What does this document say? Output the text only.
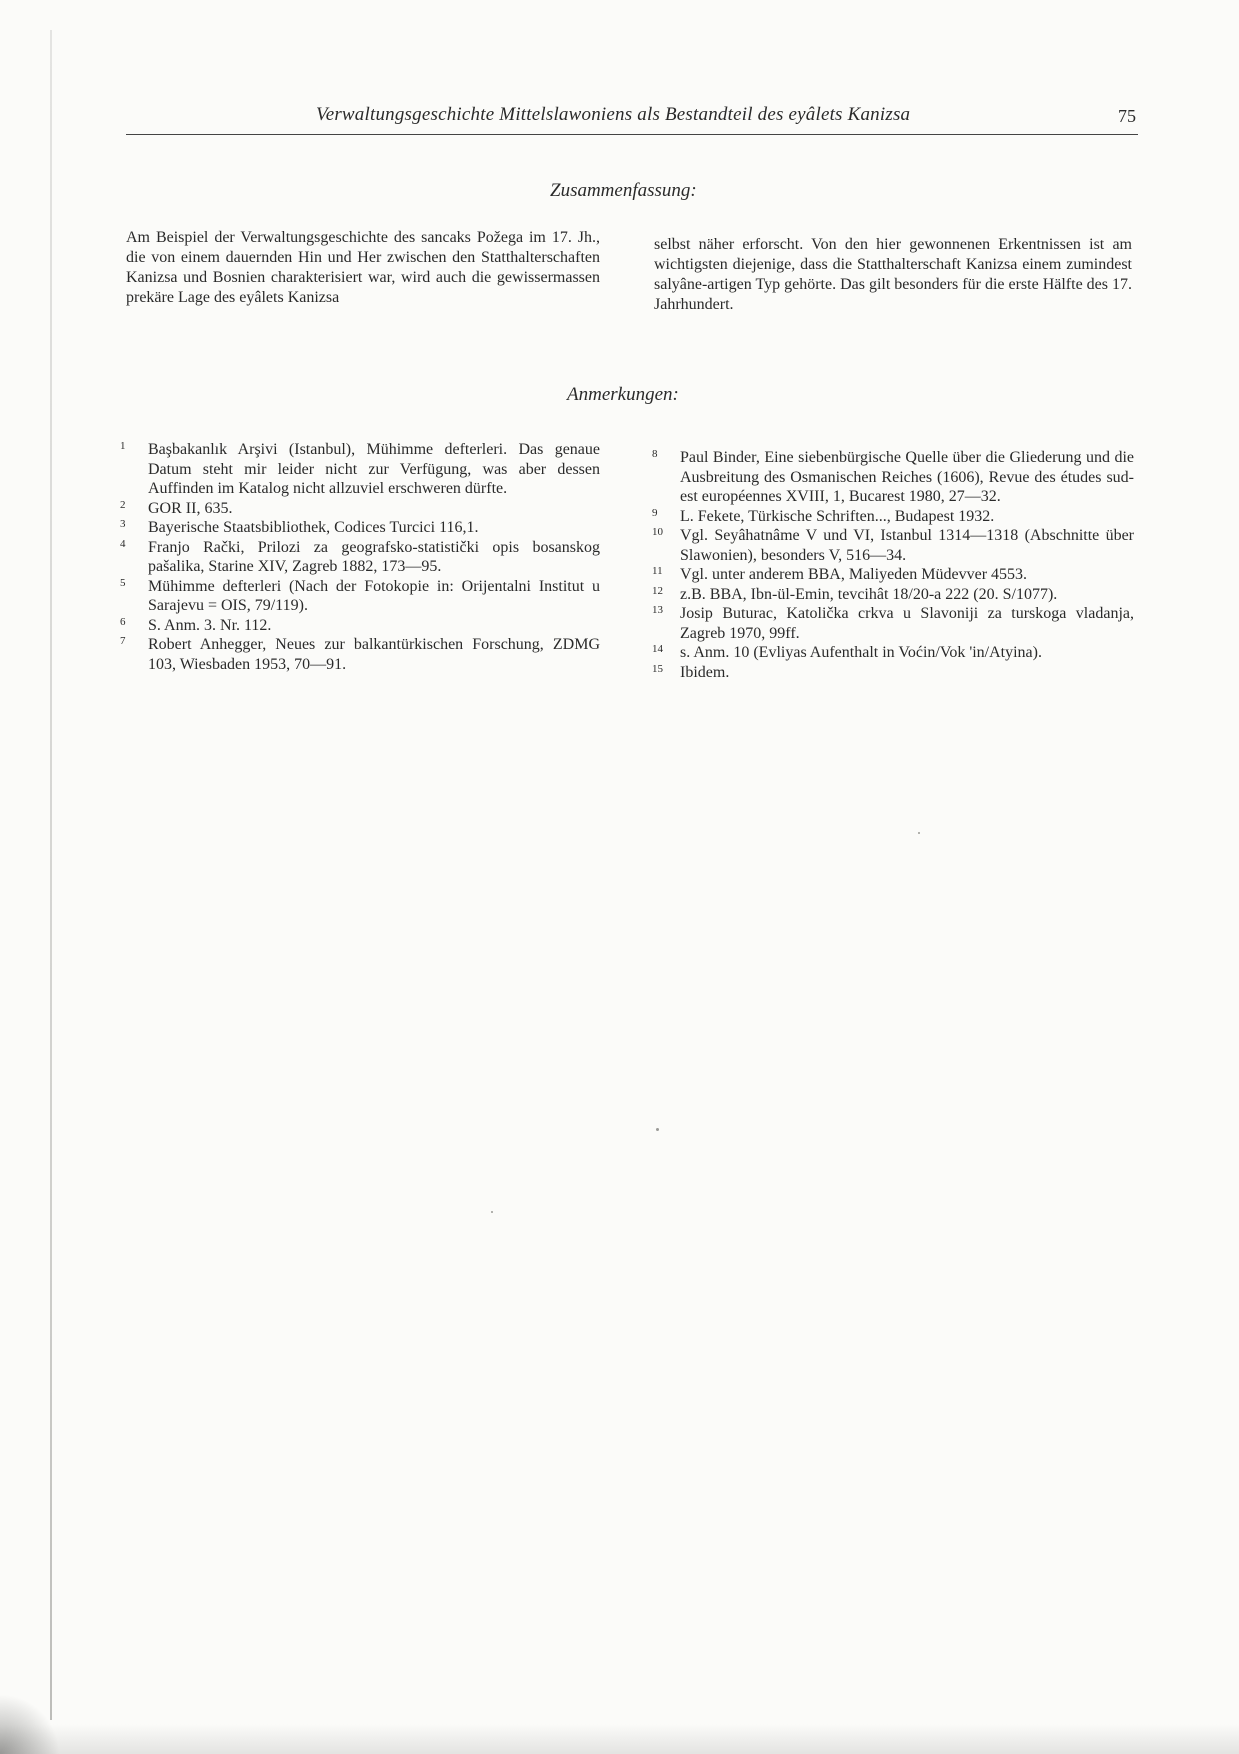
Verwaltungsgeschichte Mittelslawoniens als Bestandteil des eyâlets Kanizsa	75
Zusammenfassung:
Am Beispiel der Verwaltungsgeschichte des sancaks Požega im 17. Jh., die von einem dauernden Hin und Her zwischen den Statthalterschaften Kanizsa und Bosnien charakterisiert war, wird auch die gewissermassen prekäre Lage des eyâlets Kanizsa
selbst näher erforscht. Von den hier gewonnenen Erkentnissen ist am wichtigsten diejenige, dass die Statthalterschaft Kanizsa einem zumindest salyâne-artigen Typ gehörte. Das gilt besonders für die erste Hälfte des 17. Jahrhundert.
Anmerkungen:
1	Başbakanlık Arşivi (Istanbul), Mühimme defterleri. Das genaue Datum steht mir leider nicht zur Verfügung, was aber dessen Auffinden im Katalog nicht allzuviel erschweren dürfte.
2	GOR II, 635.
3	Bayerische Staatsbibliothek, Codices Turcici 116,1.
4	Franjo Rački, Prilozi za geografsko-statistički opis bosanskog pašalika, Starine XIV, Zagreb 1882, 173—95.
5	Mühimme defterleri (Nach der Fotokopie in: Orijentalni Institut u Sarajevu = OIS, 79/119).
6	S. Anm. 3. Nr. 112.
7	Robert Anhegger, Neues zur balkantürkischen Forschung, ZDMG 103, Wiesbaden 1953, 70—91.
8	Paul Binder, Eine siebenbürgische Quelle über die Gliederung und die Ausbreitung des Osmanischen Reiches (1606), Revue des études sud-est européennes XVIII, 1, Bucarest 1980, 27—32.
9	L. Fekete, Türkische Schriften..., Budapest 1932.
10	Vgl. Seyâhatnâme V und VI, Istanbul 1314—1318 (Abschnitte über Slawonien), besonders V, 516—34.
11	Vgl. unter anderem BBA, Maliyeden Müdevver 4553.
12	z.B. BBA, Ibn-ül-Emin, tevcihât 18/20-a 222 (20. S/1077).
13	Josip Buturac, Katolička crkva u Slavoniji za turskoga vladanja, Zagreb 1970, 99ff.
14	s. Anm. 10 (Evliyas Aufenthalt in Voćin/Vok 'in/Atyina).
15	Ibidem.
